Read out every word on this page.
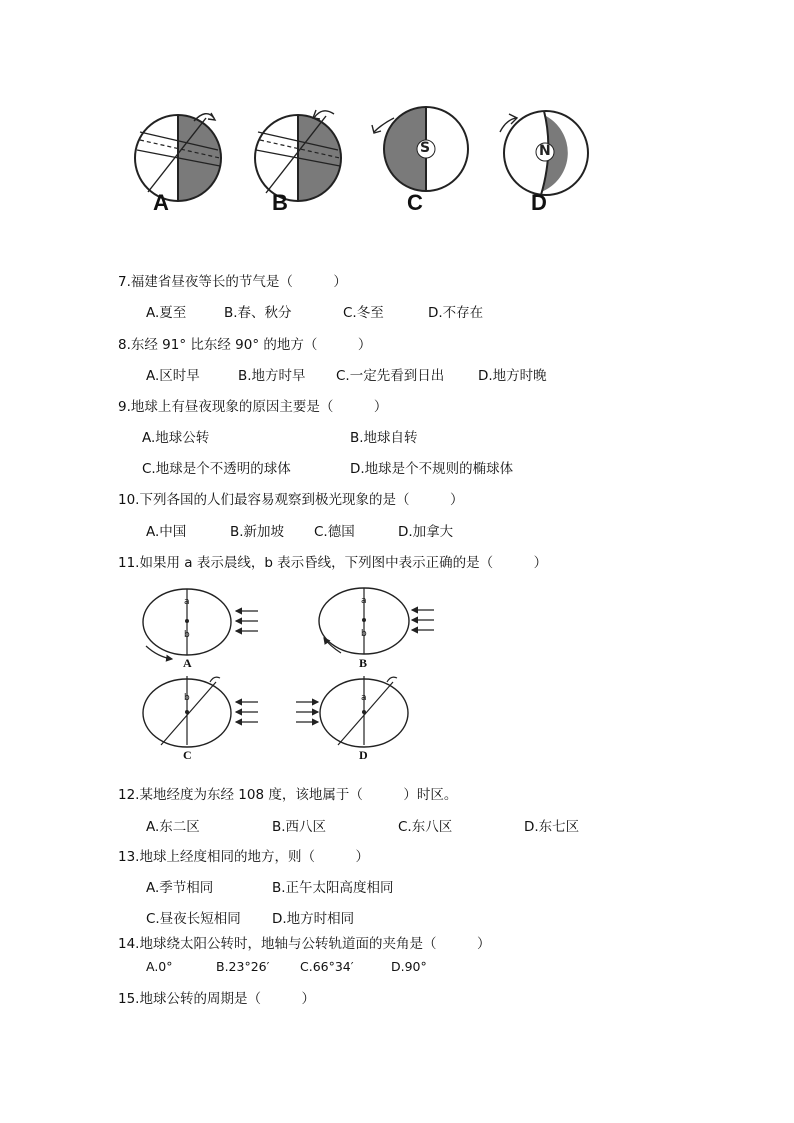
A	B	C	D
S	N
7.福建省昼夜等长的节气是（　　　）
A.夏至	B.春、秋分	C.冬至	D.不存在
8.东经 91° 比东经 90° 的地方（　　　）
A.区时早	B.地方时早 C.一定先看到日出	D.地方时晚
9.地球上有昼夜现象的原因主要是（　　　）
A.地球公转	B.地球自转
C.地球是个不透明的球体	D.地球是个不规则的椭球体
10.下列各国的人们最容易观察到极光现象的是（　　　）
A.中国	B.新加坡 C.德国	D.加拿大
11.如果用 a 表示晨线，b 表示昏线，下列图中表示正确的是（　　　）
a
b
a
b
b	a
A	B
C	D
12.某地经度为东经 108 度，该地属于（　　　）时区。
A.东二区	B.西八区	C.东八区	D.东七区
13.地球上经度相同的地方，则（　　　）
A.季节相同	B.正午太阳高度相同
C.昼夜长短相同 D.地方时相同
14.地球绕太阳公转时，地轴与公转轨道面的夹角是（　　　）
A.0°	B.23°26′ C.66°34′	D.90°
15.地球公转的周期是（　　　）
